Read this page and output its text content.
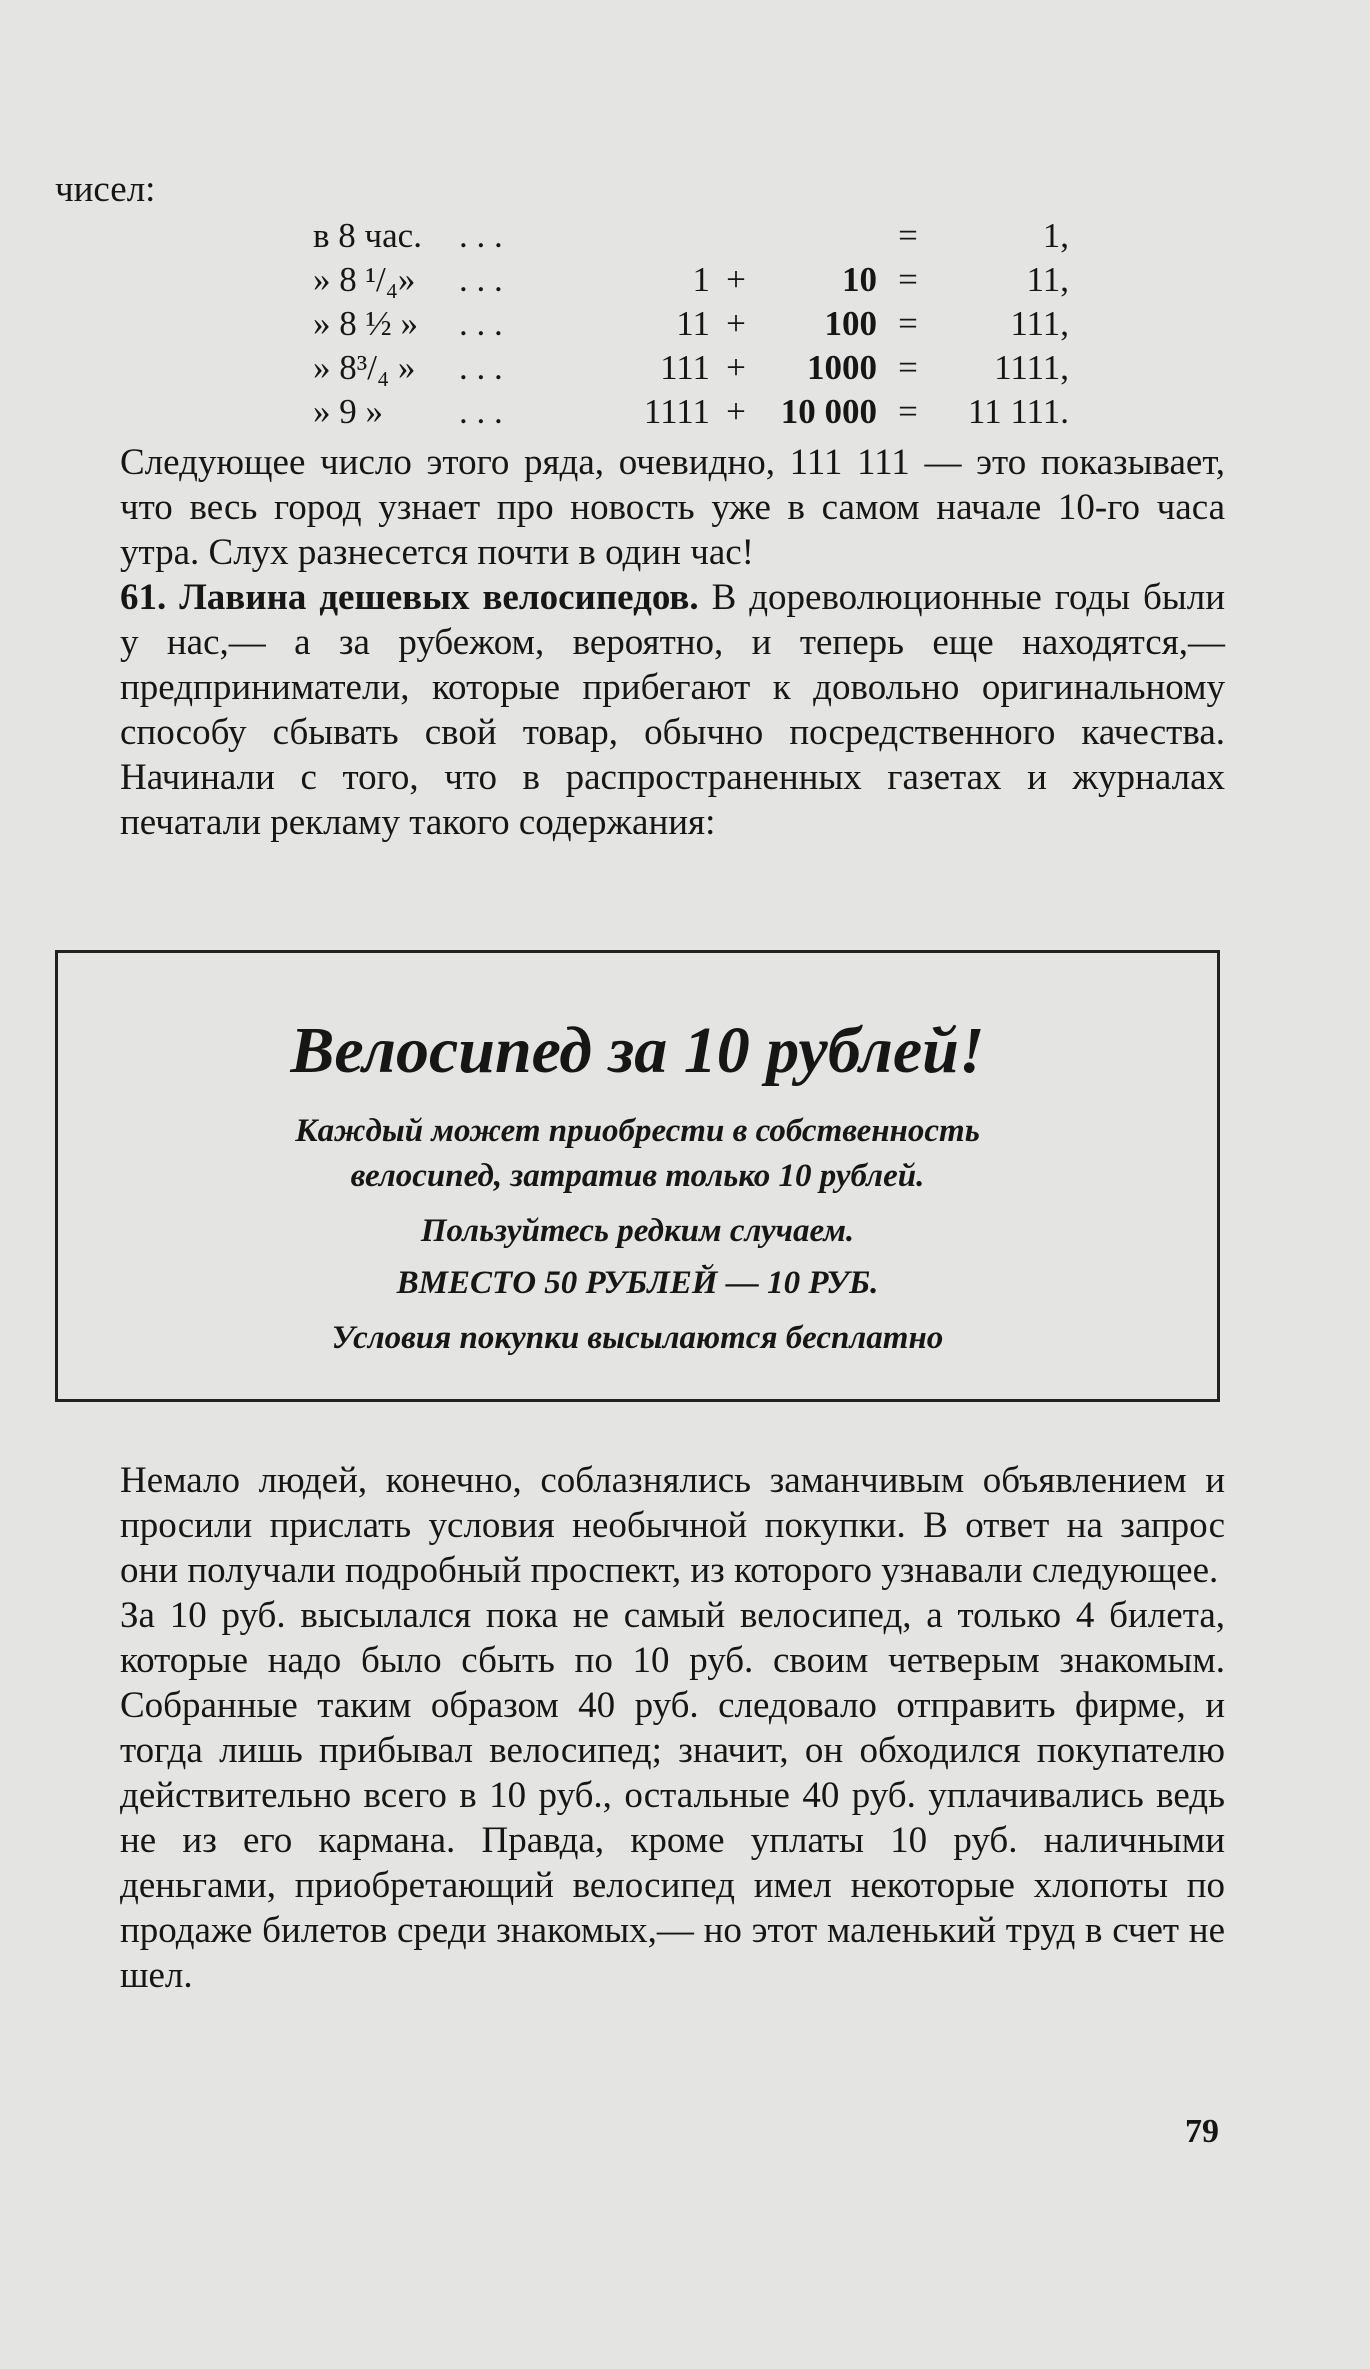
чисел:
в 8 час.	. . .				=	1,
» 8 ¹/₄»	. . .	1	+	10	=	11,
» 8 ½ »	. . .	11	+	100	=	111,
» 8³/₄ »	. . .	111	+	1000	=	1111,
» 9 »	. . .	1111	+	10 000	=	11 111.

Следующее число этого ряда, очевидно, 111 111 — это показывает, что весь город узнает про новость уже в самом начале 10-го часа утра. Слух разнесется почти в один час!

61. Лавина дешевых велосипедов. В дореволюционные годы были у нас,— а за рубежом, вероятно, и теперь еще находятся,— предприниматели, которые прибегают к довольно оригинальному способу сбывать свой товар, обычно посредственного качества. Начинали с того, что в распространенных газетах и журналах печатали рекламу такого содержания:

Велосипед за 10 рублей!
Каждый может приобрести в собственность
велосипед, затратив только 10 рублей.
Пользуйтесь редким случаем.
ВМЕСТО 50 РУБЛЕЙ — 10 РУБ.
Условия покупки высылаются бесплатно

Немало людей, конечно, соблазнялись заманчивым объявлением и просили прислать условия необычной покупки. В ответ на запрос они получали подробный проспект, из которого узнавали следующее.

За 10 руб. высылался пока не самый велосипед, а только 4 билета, которые надо было сбыть по 10 руб. своим четверым знакомым. Собранные таким образом 40 руб. следовало отправить фирме, и тогда лишь прибывал велосипед; значит, он обходился покупателю действительно всего в 10 руб., остальные 40 руб. уплачивались ведь не из его кармана. Правда, кроме уплаты 10 руб. наличными деньгами, приобретающий велосипед имел некоторые хлопоты по продаже билетов среди знакомых,— но этот маленький труд в счет не шел.

79
